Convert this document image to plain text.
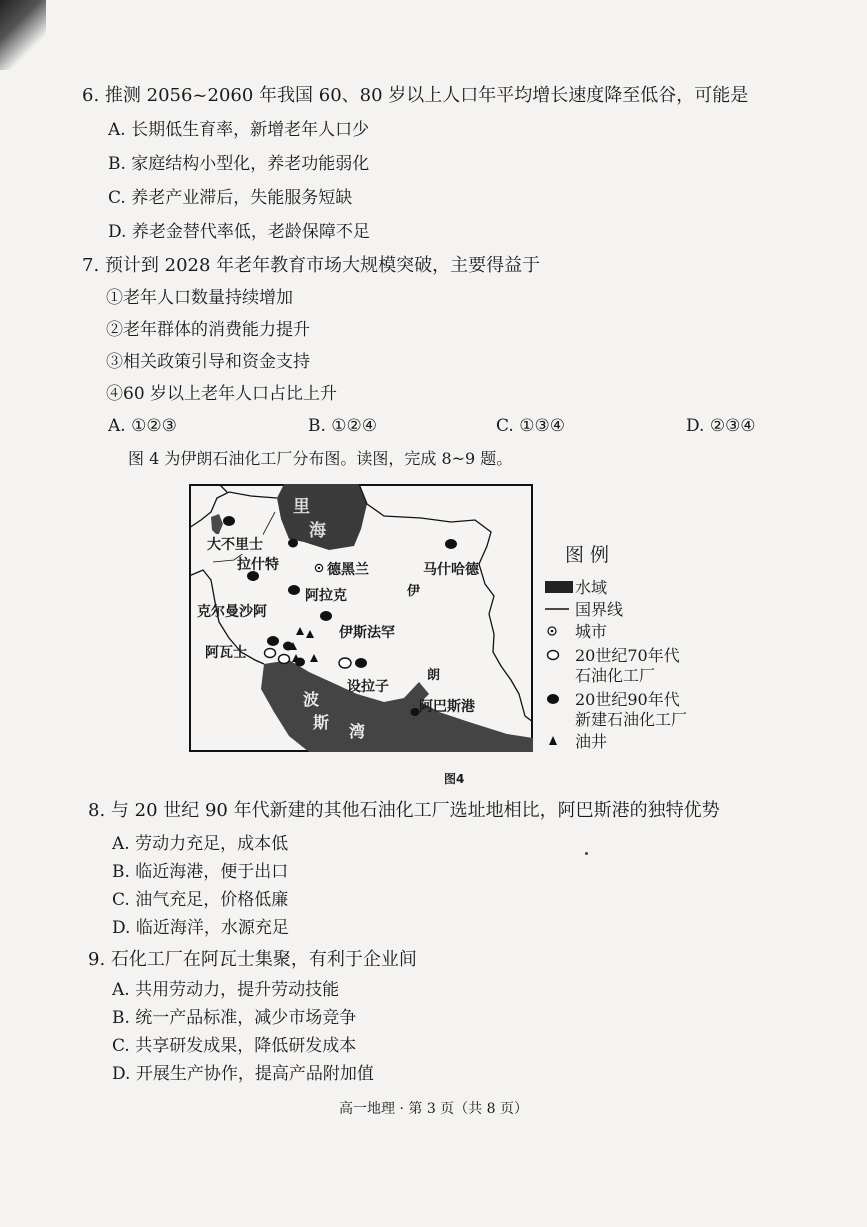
6. 推测 2056~2060 年我国 60、80 岁以上人口年平均增长速度降至低谷，可能是
A. 长期低生育率，新增老年人口少
B. 家庭结构小型化，养老功能弱化
C. 养老产业滞后，失能服务短缺
D. 养老金替代率低，老龄保障不足
7. 预计到 2028 年老年教育市场大规模突破，主要得益于
①老年人口数量持续增加
②老年群体的消费能力提升
③相关政策引导和资金支持
④60 岁以上老年人口占比上升
A. ①②③	B. ①②④	C. ①③④	D. ②③④
图 4 为伊朗石油化工厂分布图。读图，完成 8~9 题。
里
海
大不里士
拉什特	德黑兰	马什哈德
阿拉克
克尔曼沙阿
伊斯法罕
伊
朗
阿瓦士
设拉子
阿巴斯港
波
斯 湾
图 例
水域
国界线
城市
20世纪70年代
石油化工厂
20世纪90年代
新建石油化工厂
油井
图4
8. 与 20 世纪 90 年代新建的其他石油化工厂选址地相比，阿巴斯港的独特优势
A. 劳动力充足，成本低
B. 临近海港，便于出口
C. 油气充足，价格低廉
D. 临近海洋，水源充足
9. 石化工厂在阿瓦士集聚，有利于企业间
A. 共用劳动力，提升劳动技能
B. 统一产品标准，减少市场竞争
C. 共享研发成果，降低研发成本
D. 开展生产协作，提高产品附加值
高一地理 · 第 3 页（共 8 页）
